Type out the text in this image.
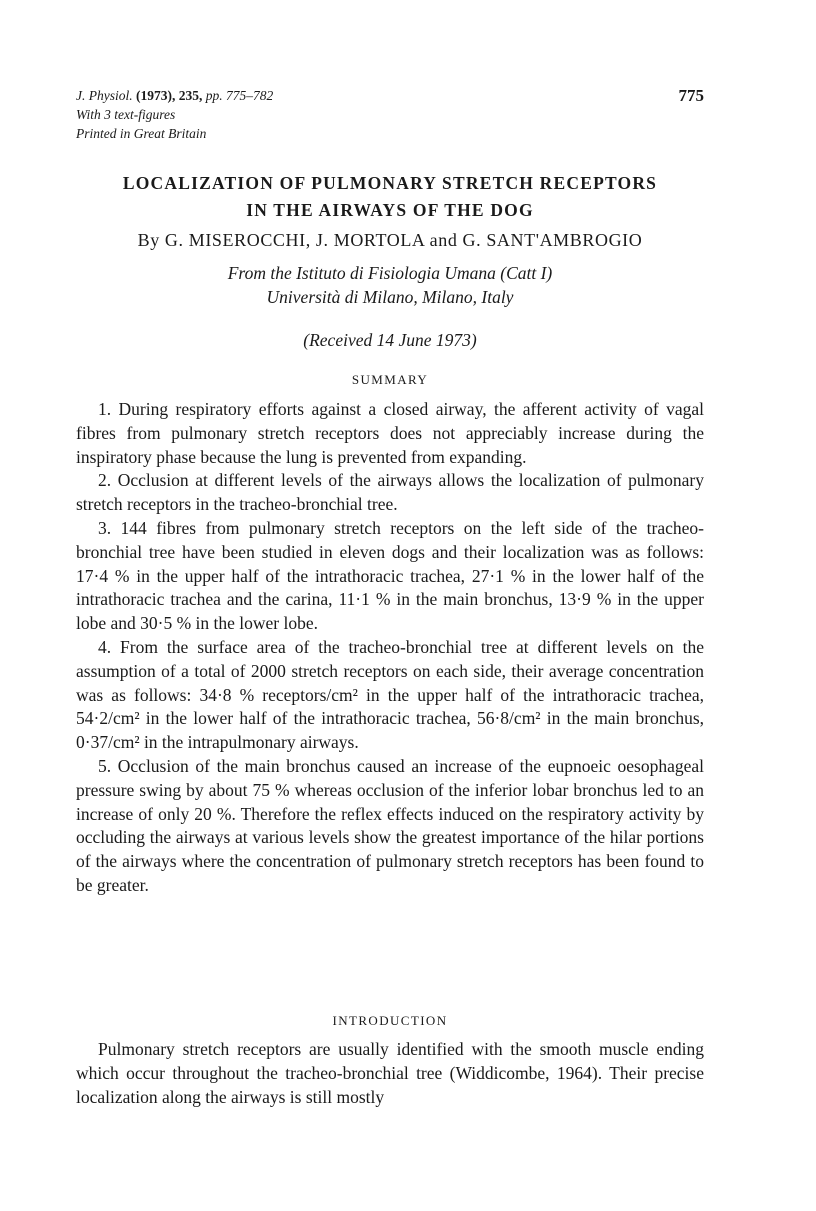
J. Physiol. (1973), 235, pp. 775–782
With 3 text-figures
Printed in Great Britain
775
LOCALIZATION OF PULMONARY STRETCH RECEPTORS
IN THE AIRWAYS OF THE DOG
By G. MISEROCCHI, J. MORTOLA and G. SANT'AMBROGIO
From the Istituto di Fisiologia Umana (Catt I)
Università di Milano, Milano, Italy
(Received 14 June 1973)
SUMMARY

1. During respiratory efforts against a closed airway, the afferent activity of vagal fibres from pulmonary stretch receptors does not appreciably increase during the inspiratory phase because the lung is prevented from expanding.

2. Occlusion at different levels of the airways allows the localization of pulmonary stretch receptors in the tracheo-bronchial tree.

3. 144 fibres from pulmonary stretch receptors on the left side of the tracheo-bronchial tree have been studied in eleven dogs and their localization was as follows: 17·4 % in the upper half of the intrathoracic trachea, 27·1 % in the lower half of the intrathoracic trachea and the carina, 11·1 % in the main bronchus, 13·9 % in the upper lobe and 30·5 % in the lower lobe.

4. From the surface area of the tracheo-bronchial tree at different levels on the assumption of a total of 2000 stretch receptors on each side, their average concentration was as follows: 34·8 % receptors/cm² in the upper half of the intrathoracic trachea, 54·2/cm² in the lower half of the intrathoracic trachea, 56·8/cm² in the main bronchus, 0·37/cm² in the intrapulmonary airways.

5. Occlusion of the main bronchus caused an increase of the eupnoeic oesophageal pressure swing by about 75 % whereas occlusion of the inferior lobar bronchus led to an increase of only 20 %. Therefore the reflex effects induced on the respiratory activity by occluding the airways at various levels show the greatest importance of the hilar portions of the airways where the concentration of pulmonary stretch receptors has been found to be greater.

INTRODUCTION

Pulmonary stretch receptors are usually identified with the smooth muscle ending which occur throughout the tracheo-bronchial tree (Widdicombe, 1964). Their precise localization along the airways is still mostly
